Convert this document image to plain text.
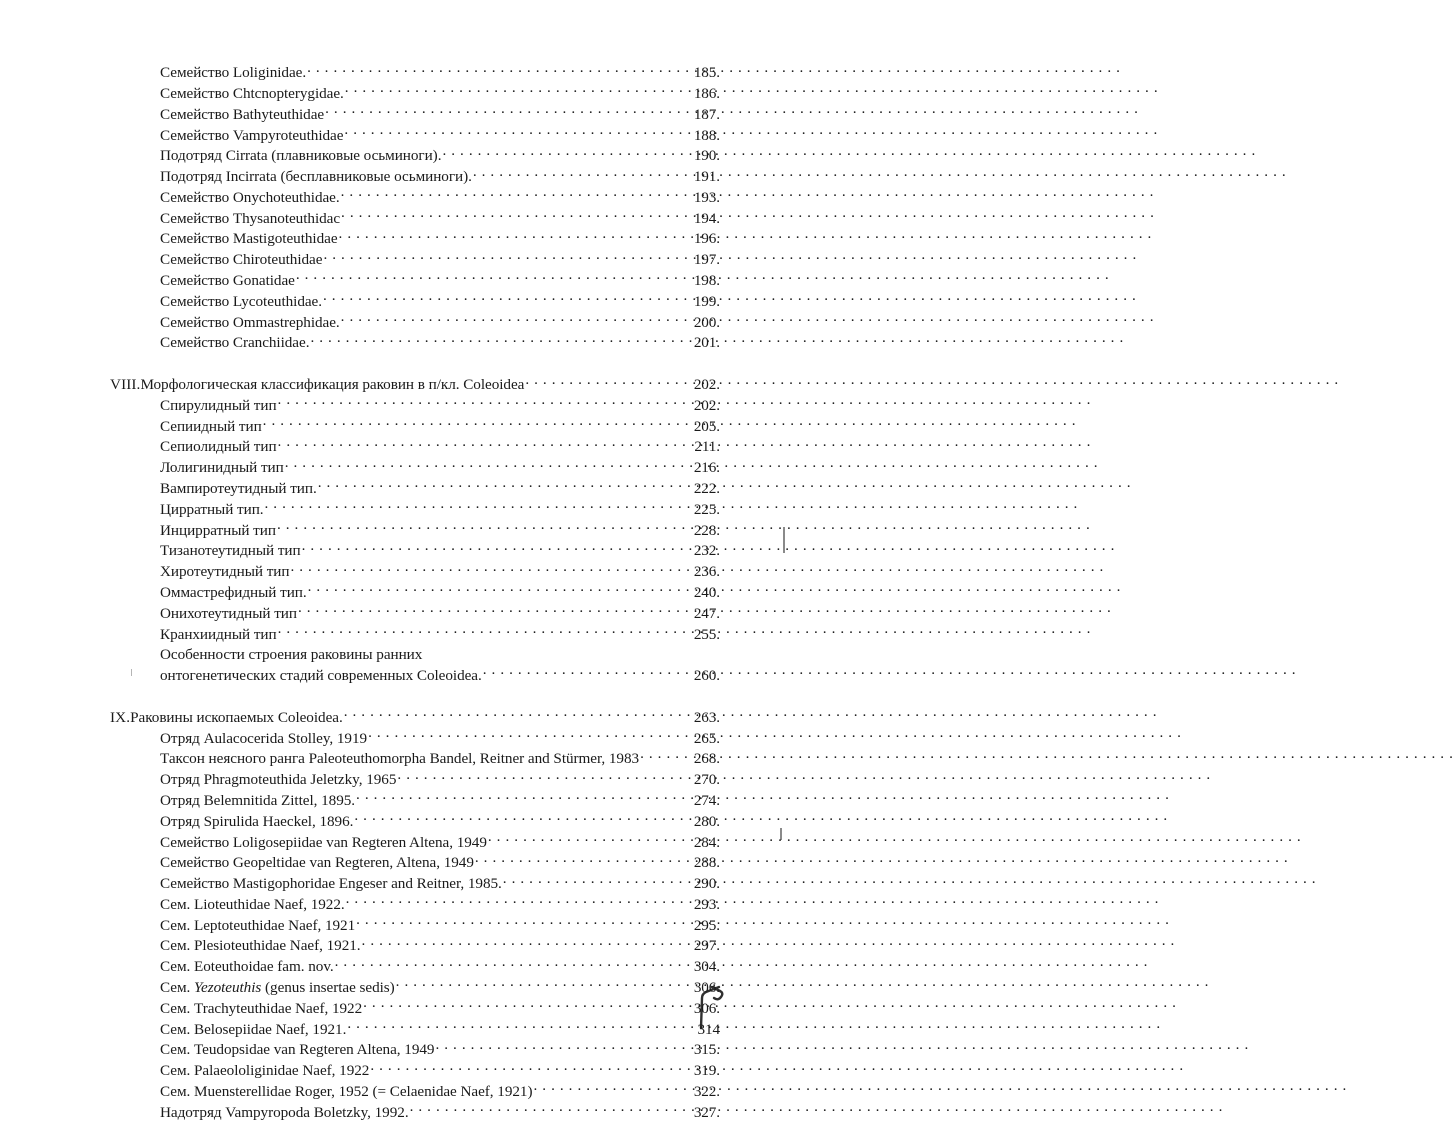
Семейство Loliginidae. . . .	185.
Семейство Chtcnopterygidae. . . .	186.
Семейство Bathyteuthidae . . .	187.
Семейство Vampyroteuthidae . . .	188.
Подотряд Cirrata (плавниковые осьминоги). . . .	190.
Подотряд Incirrata (бесплавниковые осьминоги). . . .	191.
Семейство Onychoteuthidae. . . .	193.
Семейство Thysanoteuthidac . . .	194.
Семейство Mastigoteuthidae . . .	196.
Семейство Chiroteuthidae . . .	197.
Семейство Gonatidae . . .	198.
Семейство Lycoteuthidae. . . .	199.
Семейство Ommastrephidae. . . .	200.
Семейство Cranchiidae. . . .	201.
VIII. Морфологическая классификация раковин в п/кл. Coleoidea . . .	202.
Спирулидный тип . . .	202.
Сепиидный тип . . .	205.
Сепиолидный тип . . .	211.
Лолигинидный тип . . .	216.
Вампиротеутидный тип. . . .	222.
Цирратный тип. . . .	225.
Инцирратный тип . . .	228.
Тизанотеутидный тип . . .	232.
Хиротеутидный тип . . .	236.
Оммастрефидный тип. . . .	240.
Онихотеутидный тип . . .	247.
Кранхиидный тип . . .	255.
Особенности строения раковины ранних
онтогенетических стадий современных Coleoidea. . . .	260.
IX. Раковины ископаемых Coleoidea. . . .	263.
Отряд Aulacocerida Stolley, 1919 . . .	265.
Таксон неясного ранга Paleoteuthomorpha Bandel, Reitner and Stürmer, 1983 . . .	268.
Отряд Phragmoteuthida Jeletzky, 1965 . . .	270.
Отряд Belemnitida Zittel, 1895. . . .	274.
Отряд Spirulida Haeckel, 1896. . . .	280.
Семейство Loligosepiidae van Regteren Altena, 1949 . . .	284.
Семейство Geopeltidae van Regteren, Altena, 1949 . . .	288.
Семейство Mastigophoridae Engeser and Reitner, 1985. . . .	290.
Сем. Lioteuthidae Naef, 1922. . . .	293.
Сем. Leptoteuthidae Naef, 1921 . . .	295.
Сем. Plesioteuthidae Naef, 1921. . . .	297.
Сем. Eoteuthoidae fam. nov. . . .	304.
Сем. Yezoteuthis (genus insertae sedis) . . .	306.
Сем. Trachyteuthidae Naef, 1922 . . .	306.
Сем. Belosepiidae Naef, 1921. . . .	314
Сем. Teudopsidae van Regteren Altena, 1949 . . .	315.
Сем. Palaeololiginidae Naef, 1922 . . .	319.
Сем. Muensterellidae Roger, 1952 (= Celaenidae Naef, 1921) . . .	322.
Надотряд Vampyropoda Boletzky, 1992. . . .	327.
